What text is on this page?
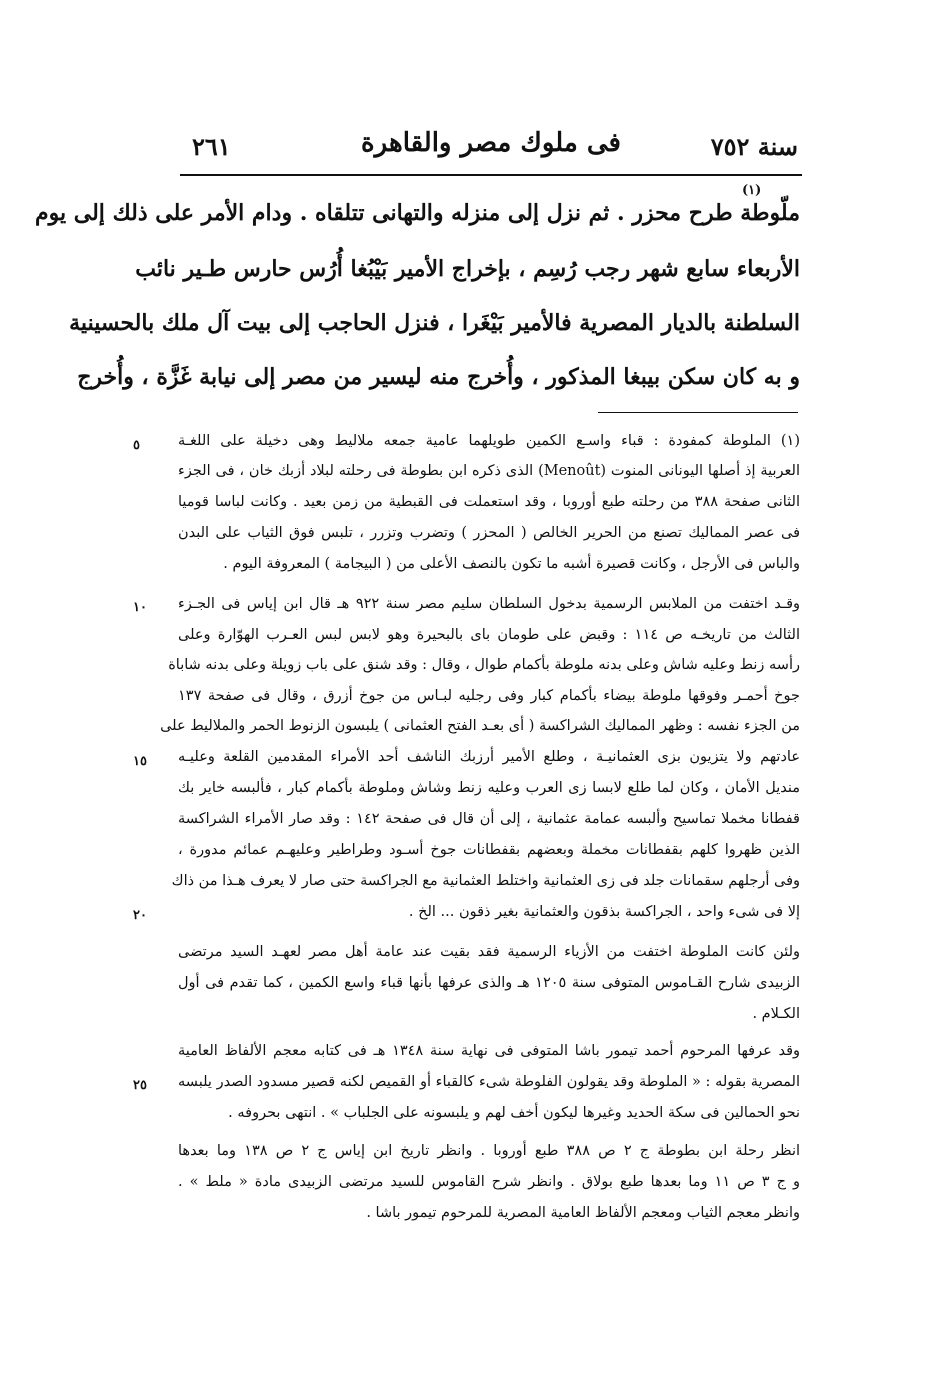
٢٦١	فى ملوك مصر والقاهرة	سنة ٧٥٢
(١)
ملّوطة طرح محزر . ثم نزل إلى منزله والتهانى تتلقاه . ودام الأمر على ذلك إلى يوم
الأربعاء سابع شهر رجب رُسِم ، بإخراج الأمير بَيْبُغا أُرُس حارس طـير نائب
السلطنة بالديار المصرية فالأمير بَيْغَرا ، فنزل الحاجب إلى بيت آل ملك بالحسينية
و به كان سكن بيبغا المذكور ، وأُخرج منه ليسير من مصر إلى نيابة غَزَّة ، وأُخرج
(١) الملوطة كمفودة : قباء واسـع الكمين طويلهما عامية جمعه ملاليط وهى دخيلة على اللغـة
العربية إذ أصلها اليونانى المنوت (Menoût) الذى ذكره ابن بطوطة فى رحلته لبلاد أزبك خان ، فى الجزء
الثانى صفحة ٣٨٨ من رحلته طبع أوروبا ، وقد استعملت فى القبطية من زمن بعيد . وكانت لباسا قوميا
فى عصر المماليك تصنع من الحرير الخالص ( المحزر ) وتضرب وتزرر ، تلبس فوق الثياب على البدن
والباس فى الأرجل ، وكانت قصيرة أشبه ما تكون بالنصف الأعلى من ( البيجامة ) المعروفة اليوم .
وقـد اختفت من الملابس الرسمية بدخول السلطان سليم مصر سنة ٩٢٢ هـ قال ابن إياس فى الجـزء
الثالث من تاريخـه ص ١١٤ : وقبض على طومان باى بالبحيرة وهو لابس لبس العـرب الهوّارة وعلى
رأسه زنط وعليه شاش وعلى بدنه ملوطة بأكمام طوال ، وقال : وقد شنق على باب زويلة وعلى بدنه شاباة
جوخ أحمـر وفوقها ملوطة بيضاء بأكمام كبار وفى رجليه لبـاس من جوخ أزرق ، وقال فى صفحة ١٣٧
من الجزء نفسه : وظهر المماليك الشراكسة ( أى بعـد الفتح العثمانى ) يلبسون الزنوط الحمر والملاليط على
عادتهم ولا يتزيون بزى العثمانيـة ، وطلع الأمير أرزبك الناشف أحد الأمراء المقدمين القلعة وعليـه
منديل الأمان ، وكان لما طلع لابسا زى العرب وعليه زنط وشاش وملوطة بأكمام كبار ، فألبسه خاير بك
قفطانا مخملا تماسيح وألبسه عمامة عثمانية ، إلى أن قال فى صفحة ١٤٢ : وقد صار الأمراء الشراكسة
الذين ظهروا كلهم بقفطانات مخملة وبعضهم بقفطانات جوخ أسـود وطراطير وعليهـم عمائم مدورة ،
وفى أرجلهم سقمانات جلد فى زى العثمانية واختلط العثمانية مع الجراكسة حتى صار لا يعرف هـذا من ذاك
إلا فى شىء واحد ، الجراكسة بذقون والعثمانية بغير ذقون ... الخ .
ولئن كانت الملوطة اختفت من الأزياء الرسمية فقد بقيت عند عامة أهل مصر لعهـد السيد مرتضى
الزبيدى شارح القـاموس المتوفى سنة ١٢٠٥ هـ والذى عرفها بأنها قباء واسع الكمين ، كما تقدم فى أول
الكـلام .
وقد عرفها المرحوم أحمد تيمور باشا المتوفى فى نهاية سنة ١٣٤٨ هـ فى كتابه معجم الألفاظ العامية
المصرية بقوله : « الملوطة وقد يقولون الفلوطة شىء كالقباء أو القميص لكنه قصير مسدود الصدر يلبسه
نحو الحمالين فى سكة الحديد وغيرها ليكون أخف لهم و يلبسونه على الجلباب » . انتهى بحروفه .
انظر رحلة ابن بطوطة ج ٢ ص ٣٨٨ طبع أوروبا . وانظر تاريخ ابن إياس ج ٢ ص ١٣٨ وما بعدها
و ج ٣ ص ١١ وما بعدها طبع بولاق . وانظر شرح القاموس للسيد مرتضى الزبيدى مادة « ملط » .
وانظر معجم الثياب ومعجم الألفاظ العامية المصرية للمرحوم تيمور باشا .
٥
١٠
١٥
٢٠
٢٥
